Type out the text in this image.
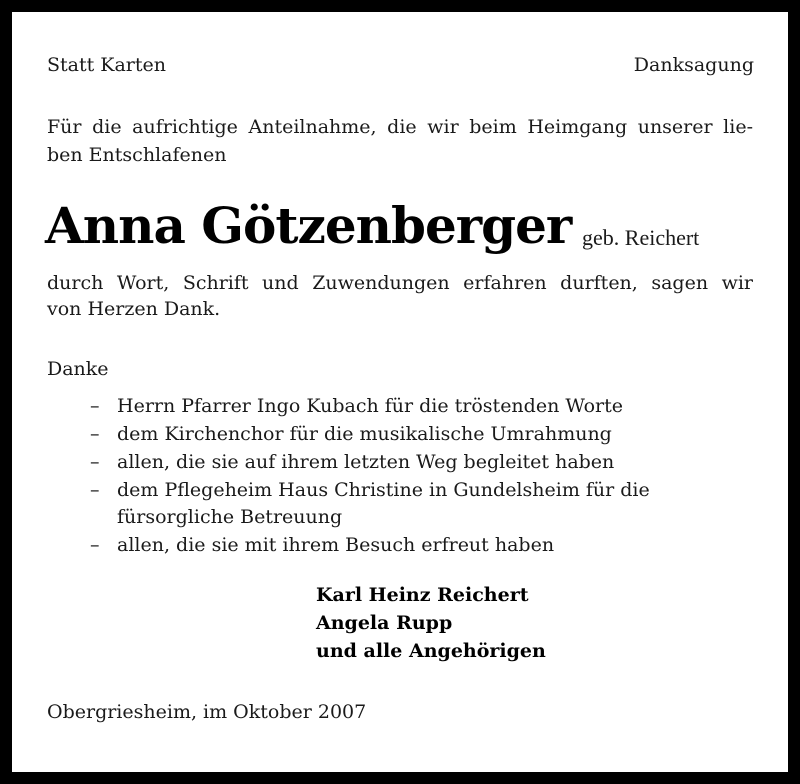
Statt Karten	Danksagung
Für die aufrichtige Anteilnahme, die wir beim Heimgang unserer lie-
ben Entschlafenen
Anna Götzenberger geb. Reichert
durch Wort, Schrift und Zuwendungen erfahren durften, sagen wir
von Herzen Dank.
Danke
– Herrn Pfarrer Ingo Kubach für die tröstenden Worte
– dem Kirchenchor für die musikalische Umrahmung
– allen, die sie auf ihrem letzten Weg begleitet haben
– dem Pflegeheim Haus Christine in Gundelsheim für die
fürsorgliche Betreuung
– allen, die sie mit ihrem Besuch erfreut haben
Karl Heinz Reichert
Angela Rupp
und alle Angehörigen
Obergriesheim, im Oktober 2007
